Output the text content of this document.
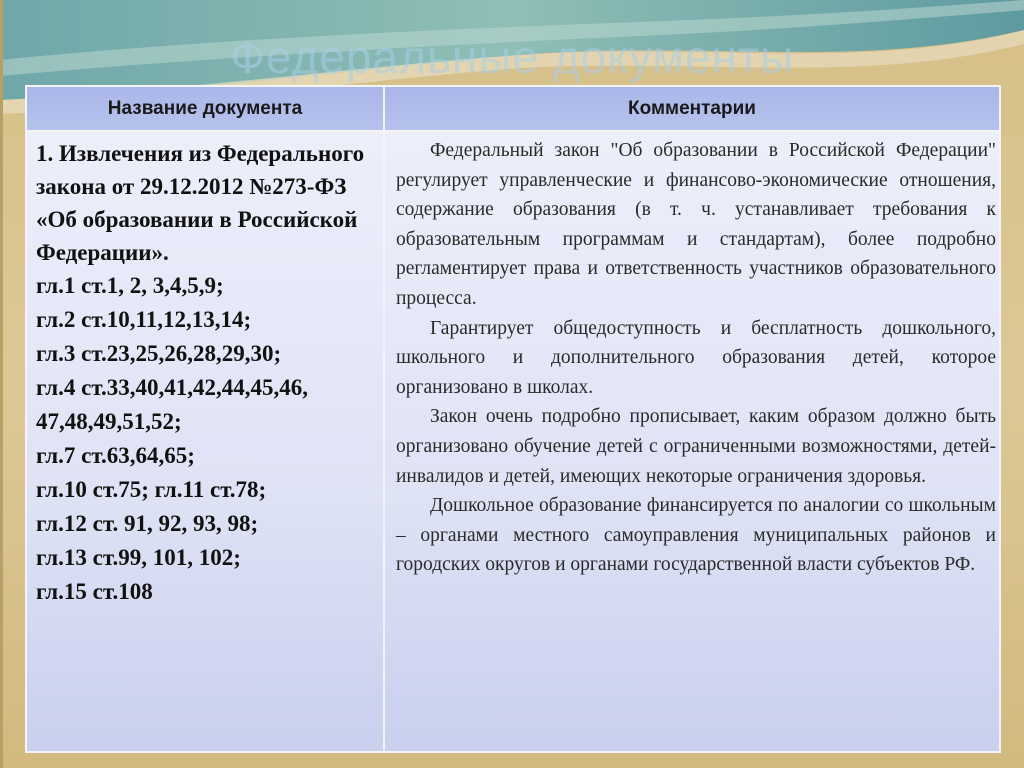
Федеральные документы
Название документа	Комментарии
1. Извлечения из Федерального закона от 29.12.2012 №273-ФЗ «Об образовании в Российской Федерации».
гл.1 ст.1, 2, 3,4,5,9;
гл.2 ст.10,11,12,13,14;
гл.3 ст.23,25,26,28,29,30;
гл.4 ст.33,40,41,42,44,45,46, 47,48,49,51,52;
гл.7 ст.63,64,65;
гл.10 ст.75; гл.11 ст.78;
гл.12 ст. 91, 92, 93, 98;
гл.13 ст.99, 101, 102;
гл.15 ст.108

Федеральный закон "Об образовании в Российской Федерации" регулирует управленческие и финансово-экономические отношения, содержание образования (в т. ч. устанавливает требования к образовательным программам и стандартам), более подробно регламентирует права и ответственность участников образовательного процесса.

Гарантирует общедоступность и бесплатность дошкольного, школьного и дополнительного образования детей, которое организовано в школах.

Закон очень подробно прописывает, каким образом должно быть организовано обучение детей с ограниченными возможностями, детей-инвалидов и детей, имеющих некоторые ограничения здоровья.

Дошкольное образование финансируется по аналогии со школьным – органами местного самоуправления муниципальных районов и городских округов и органами государственной власти субъектов РФ.
